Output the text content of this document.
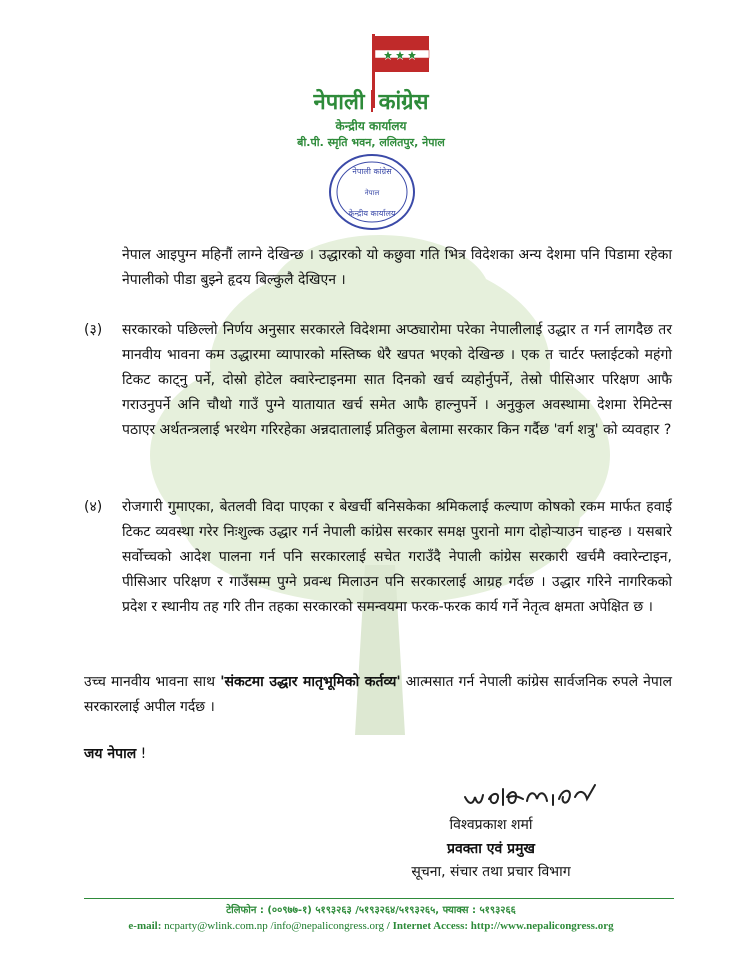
नेपाली कांग्रेस
केन्द्रीय कार्यालय
बी.पी. स्मृति भवन, ललितपुर, नेपाल
नेपाली कांग्रेस
नेपाल
केन्द्रीय कार्यालय
नेपाल आइपुग्न महिनौं लाग्ने देखिन्छ । उद्धारको यो कछुवा गति भित्र विदेशका अन्य देशमा पनि पिडामा रहेका नेपालीको पीडा बुझ्ने हृदय बिल्कुलै देखिएन ।
(३) सरकारको पछिल्लो निर्णय अनुसार सरकारले विदेशमा अप्ठ्यारोमा परेका नेपालीलाई उद्धार त गर्न लागदैछ तर मानवीय भावना कम उद्धारमा व्यापारको मस्तिष्क धेरै खपत भएको देखिन्छ । एक त चार्टर फ्लाईटको महंगो टिकट काट्नु पर्ने, दोस्रो होटेल क्वारेन्टाइनमा सात दिनको खर्च व्यहोर्नुपर्ने, तेस्रो पीसिआर परिक्षण आफै गराउनुपर्ने अनि चौथो गाउँ पुग्ने यातायात खर्च समेत आफै हाल्नुपर्ने । अनुकुल अवस्थामा देशमा रेमिटेन्स पठाएर अर्थतन्त्रलाई भरथेग गरिरहेका अन्नदातालाई प्रतिकुल बेलामा सरकार किन गर्दैछ 'वर्ग शत्रु' को व्यवहार ?
(४) रोजगारी गुमाएका, बेतलवी विदा पाएका र बेखर्ची बनिसकेका श्रमिकलाई कल्याण कोषको रकम मार्फत हवाई टिकट व्यवस्था गरेर निःशुल्क उद्धार गर्न नेपाली कांग्रेस सरकार समक्ष पुरानो माग दोहोऱ्याउन चाहन्छ । यसबारे सर्वोच्चको आदेश पालना गर्न पनि सरकारलाई सचेत गराउँदै नेपाली कांग्रेस सरकारी खर्चमै क्वारेन्टाइन, पीसिआर परिक्षण र गाउँसम्म पुग्ने प्रवन्ध मिलाउन पनि सरकारलाई आग्रह गर्दछ । उद्धार गरिने नागरिकको प्रदेश र स्थानीय तह गरि तीन तहका सरकारको समन्वयमा फरक-फरक कार्य गर्ने नेतृत्व क्षमता अपेक्षित छ ।
उच्च मानवीय भावना साथ 'संकटमा उद्धार मातृभूमिको कर्तव्य' आत्मसात गर्न नेपाली कांग्रेस सार्वजनिक रुपले नेपाल सरकारलाई अपील गर्दछ ।
जय नेपाल !
विश्वप्रकाश शर्मा
प्रवक्ता एवं प्रमुख
सूचना, संचार तथा प्रचार विभाग
टेलिफोन : (००९७७-१) ५१९३२६३ /५१९३२६४/५१९३२६५, फ्याक्स : ५१९३२६६
e-mail: ncparty@wlink.com.np /info@nepalicongress.org / Internet Access: http://www.nepalicongress.org
